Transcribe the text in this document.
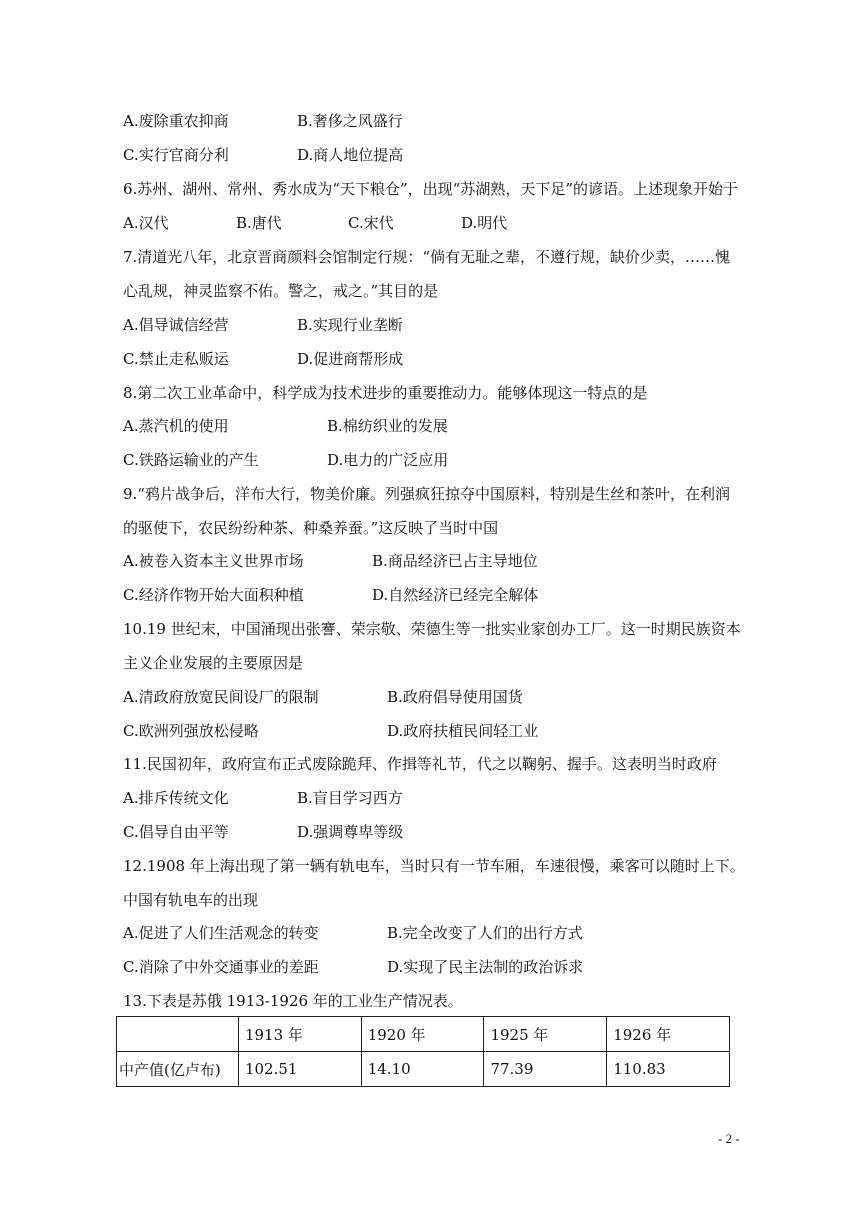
A.废除重农抑商	B.奢侈之风盛行
C.实行官商分利	D.商人地位提高
6.苏州、湖州、常州、秀水成为“天下粮仓”，出现“苏湖熟，天下足”的谚语。上述现象开始于
A.汉代	B.唐代	C.宋代	D.明代
7.清道光八年，北京晋商颜料会馆制定行规：“倘有无耻之辈，不遵行规，缺价少卖，……愧
心乱规，神灵监察不佑。警之，戒之。”其目的是
A.倡导诚信经营	B.实现行业垄断
C.禁止走私贩运	D.促进商帮形成
8.第二次工业革命中，科学成为技术进步的重要推动力。能够体现这一特点的是
A.蒸汽机的使用	B.棉纺织业的发展
C.铁路运输业的产生	D.电力的广泛应用
9.“鸦片战争后，洋布大行，物美价廉。列强疯狂掠夺中国原料，特别是生丝和茶叶，在利润
的驱使下，农民纷纷种茶、种桑养蚕。”这反映了当时中国
A.被卷入资本主义世界市场	B.商品经济已占主导地位
C.经济作物开始大面积种植	D.自然经济已经完全解体
10.19 世纪末，中国涌现出张謇、荣宗敬、荣德生等一批实业家创办工厂。这一时期民族资本
主义企业发展的主要原因是
A.清政府放宽民间设厂的限制	B.政府倡导使用国货
C.欧洲列强放松侵略	D.政府扶植民间轻工业
11.民国初年，政府宣布正式废除跪拜、作揖等礼节，代之以鞠躬、握手。这表明当时政府
A.排斥传统文化	B.盲目学习西方
C.倡导自由平等	D.强调尊卑等级
12.1908 年上海出现了第一辆有轨电车，当时只有一节车厢，车速很慢，乘客可以随时上下。
中国有轨电车的出现
A.促进了人们生活观念的转变	B.完全改变了人们的出行方式
C.消除了中外交通事业的差距	D.实现了民主法制的政治诉求
13.下表是苏俄 1913-1926 年的工业生产情况表。
	1913 年	1920 年	1925 年	1926 年
中产值(亿卢布)	102.51	14.10	77.39	110.83
- 2 -
